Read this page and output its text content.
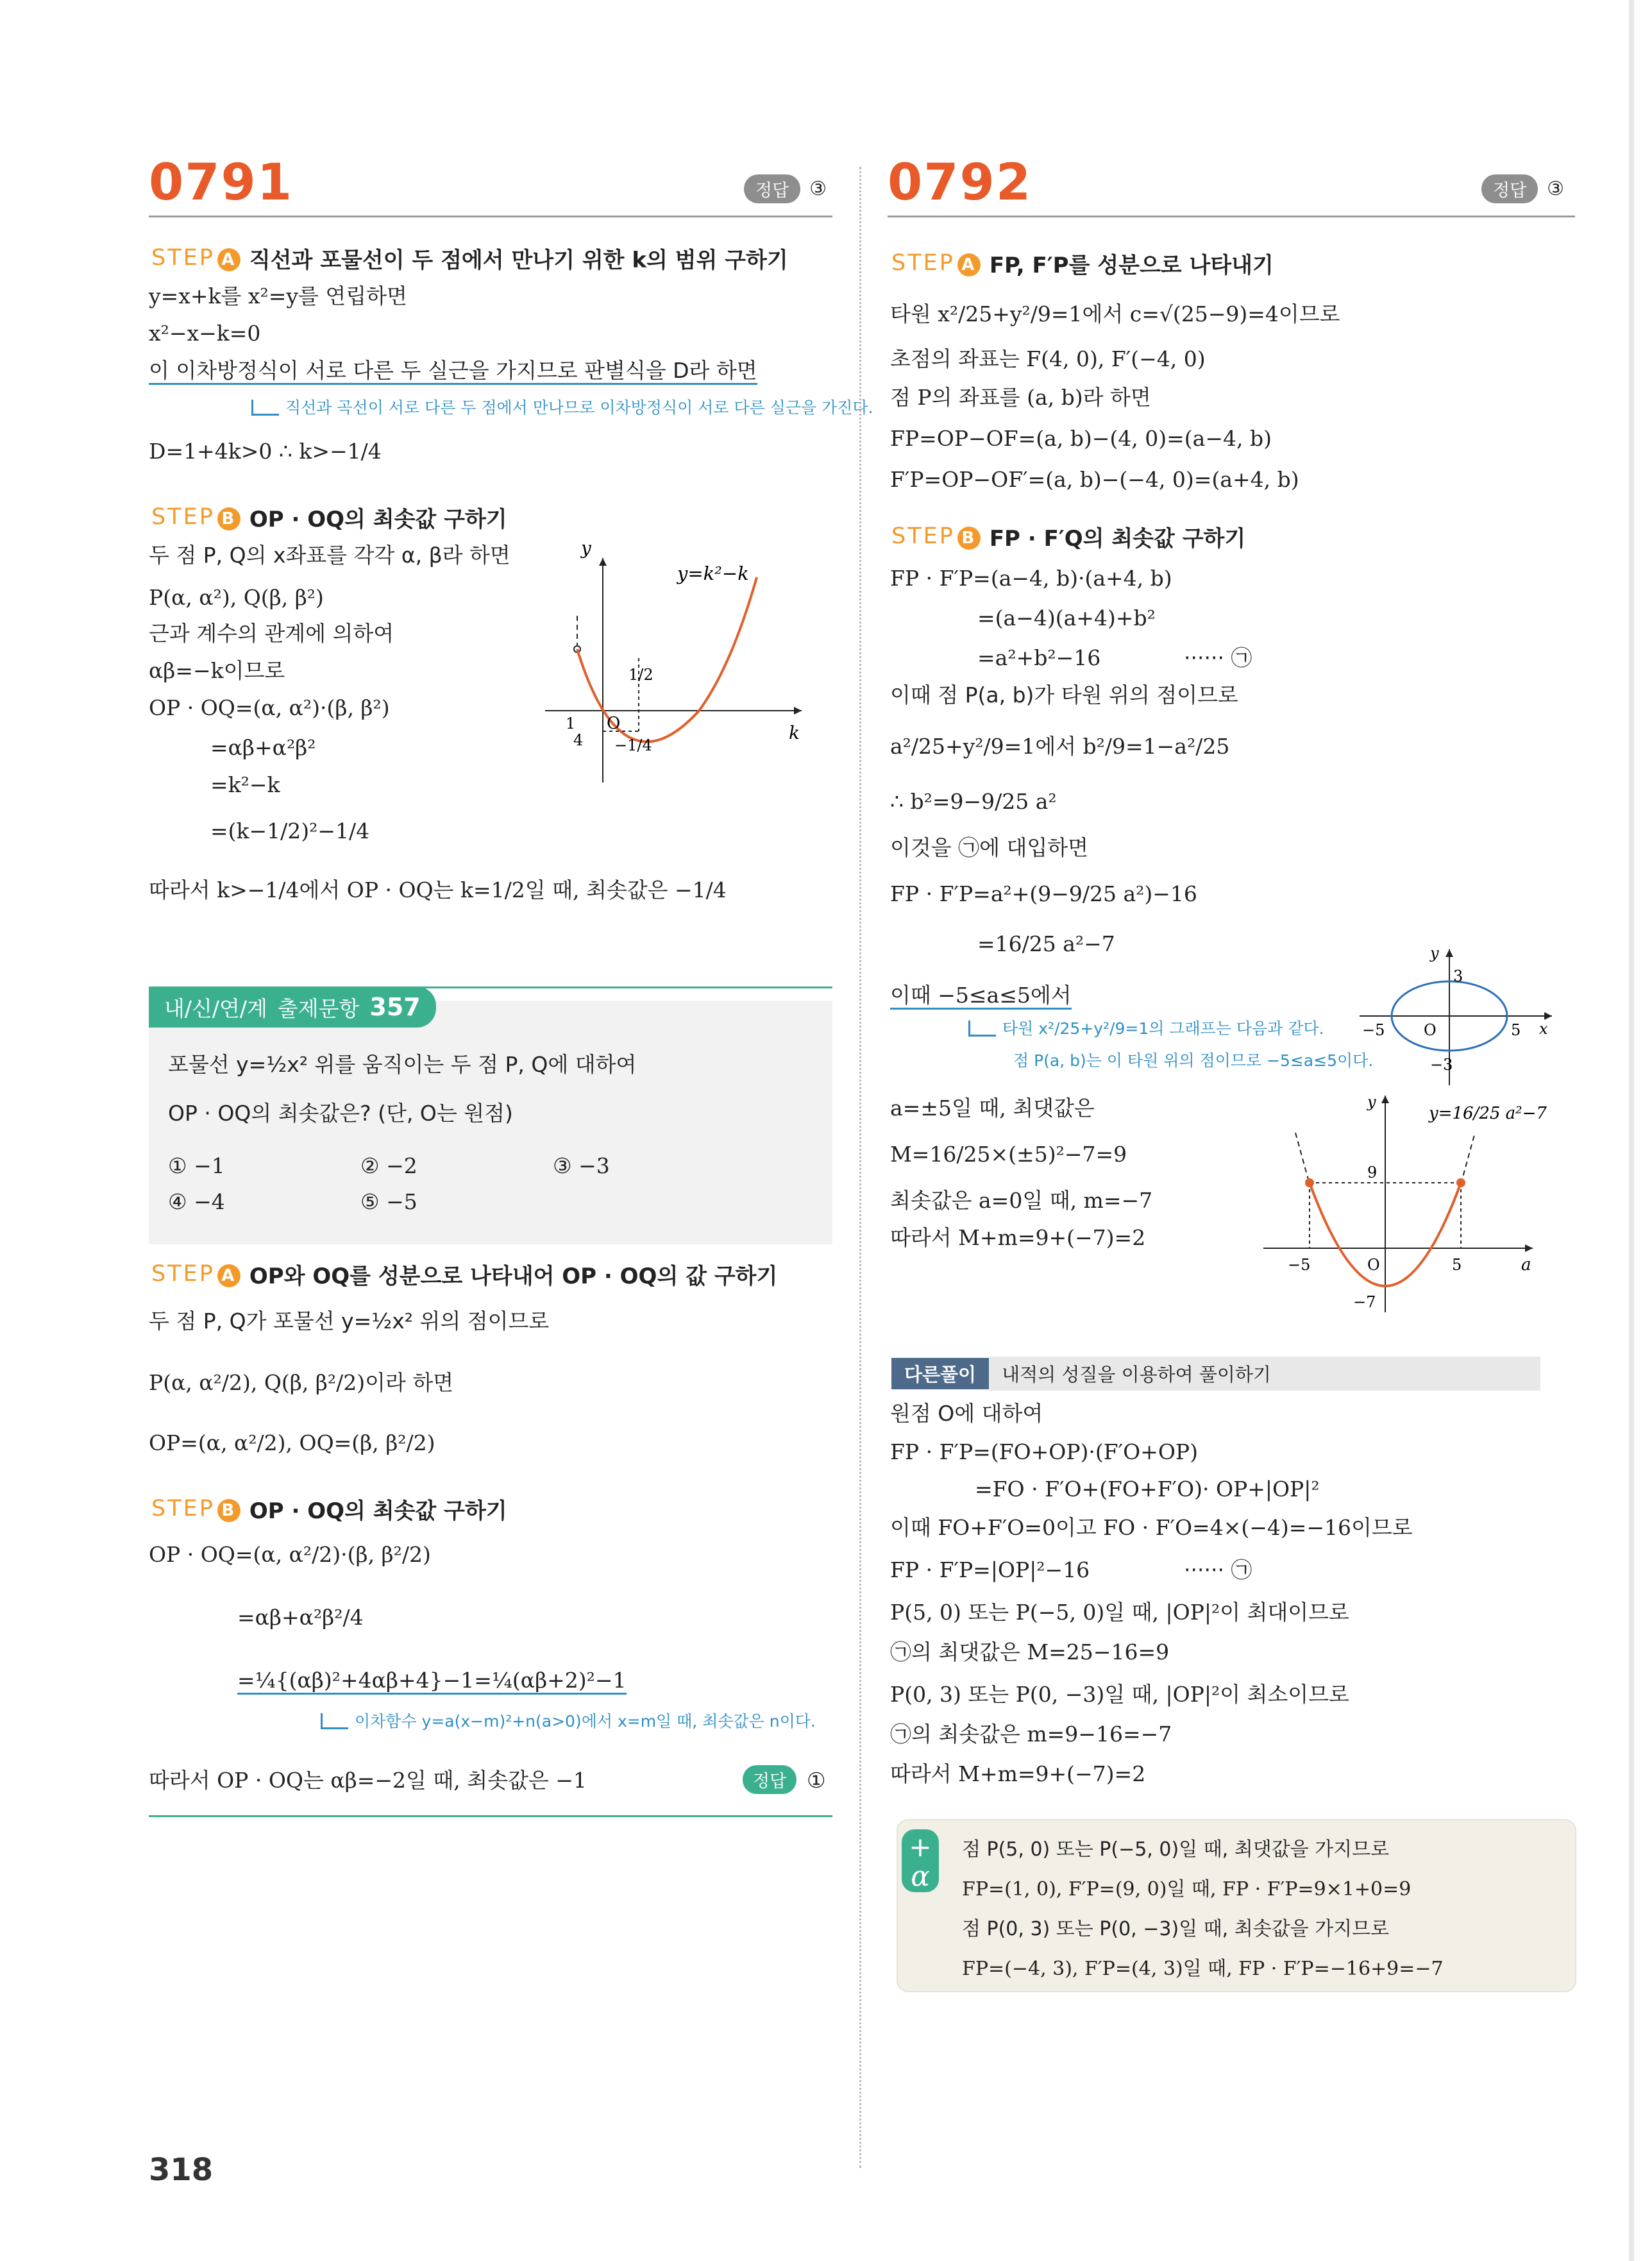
0791	정답	③
STEP A 직선과 포물선이 두 점에서 만나기 위한 k의 범위 구하기
y=x+k를 x²=y를 연립하면
x²−x−k=0
이 이차방정식이 서로 다른 두 실근을 가지므로 판별식을 D라 하면
직선과 곡선이 서로 다른 두 점에서 만나므로 이차방정식이 서로 다른 실근을 가진다.
D=1+4k>0 ∴ k>−1/4
STEP B OP · OQ의 최솟값 구하기
두 점 P, Q의 x좌표를 각각 α, β라 하면
P(α, α²), Q(β, β²)
근과 계수의 관계에 의하여
αβ=−k이므로
OP · OQ=(α, α²)·(β, β²)
=αβ+α²β²
=k²−k
=(k−1/2)²−1/4
따라서 k>−1/4에서 OP · OQ는 k=1/2일 때, 최솟값은 −1/4
y
k
y=k²−k
O
1/2
1
4 −1/4
내/신/연/계 출제문항 357
포물선 y=½x² 위를 움직이는 두 점 P, Q에 대하여
OP · OQ의 최솟값은? (단, O는 원점)
① −1	② −2	③ −3
④ −4	⑤ −5
STEP A OP와 OQ를 성분으로 나타내어 OP · OQ의 값 구하기
두 점 P, Q가 포물선 y=½x² 위의 점이므로
P(α, α²/2), Q(β, β²/2)이라 하면
OP=(α, α²/2), OQ=(β, β²/2)
STEP B OP · OQ의 최솟값 구하기
OP · OQ=(α, α²/2)·(β, β²/2)
=αβ+α²β²/4
=¼{(αβ)²+4αβ+4}−1=¼(αβ+2)²−1
이차함수 y=a(x−m)²+n(a>0)에서 x=m일 때, 최솟값은 n이다.
따라서 OP · OQ는 αβ=−2일 때, 최솟값은 −1	정답 ①
0792	정답	③
STEP A FP, F′P를 성분으로 나타내기
타원 x²/25+y²/9=1에서 c=√(25−9)=4이므로
초점의 좌표는 F(4, 0), F′(−4, 0)
점 P의 좌표를 (a, b)라 하면
FP=OP−OF=(a, b)−(4, 0)=(a−4, b)
F′P=OP−OF′=(a, b)−(−4, 0)=(a+4, b)
STEP B FP · F′Q의 최솟값 구하기
FP · F′P=(a−4, b)·(a+4, b)
=(a−4)(a+4)+b²
=a²+b²−16	······ ㉠
이때 점 P(a, b)가 타원 위의 점이므로
a²/25+y²/9=1에서 b²/9=1−a²/25
∴ b²=9−9/25 a²
이것을 ㉠에 대입하면
FP · F′P=a²+(9−9/25 a²)−16
=16/25 a²−7
이때 −5≤a≤5에서
타원 x²/25+y²/9=1의 그래프는 다음과 같다.
점 P(a, b)는 이 타원 위의 점이므로 −5≤a≤5이다.
y
x
O
3
−3
−5	5
a=±5일 때, 최댓값은
M=16/25×(±5)²−7=9
최솟값은 a=0일 때, m=−7
따라서 M+m=9+(−7)=2
y
y=16/25 a²−7
a
O
9
−5	5
−7
다른풀이	내적의 성질을 이용하여 풀이하기
원점 O에 대하여
FP · F′P=(FO+OP)·(F′O+OP)
=FO · F′O+(FO+F′O)· OP+|OP|²
이때 FO+F′O=0이고 FO · F′O=4×(−4)=−16이므로
FP · F′P=|OP|²−16	······ ㉠
P(5, 0) 또는 P(−5, 0)일 때, |OP|²이 최대이므로
㉠의 최댓값은 M=25−16=9
P(0, 3) 또는 P(0, −3)일 때, |OP|²이 최소이므로
㉠의 최솟값은 m=9−16=−7
따라서 M+m=9+(−7)=2
+
α
점 P(5, 0) 또는 P(−5, 0)일 때, 최댓값을 가지므로
FP=(1, 0), F′P=(9, 0)일 때, FP · F′P=9×1+0=9
점 P(0, 3) 또는 P(0, −3)일 때, 최솟값을 가지므로
FP=(−4, 3), F′P=(4, 3)일 때, FP · F′P=−16+9=−7
318
